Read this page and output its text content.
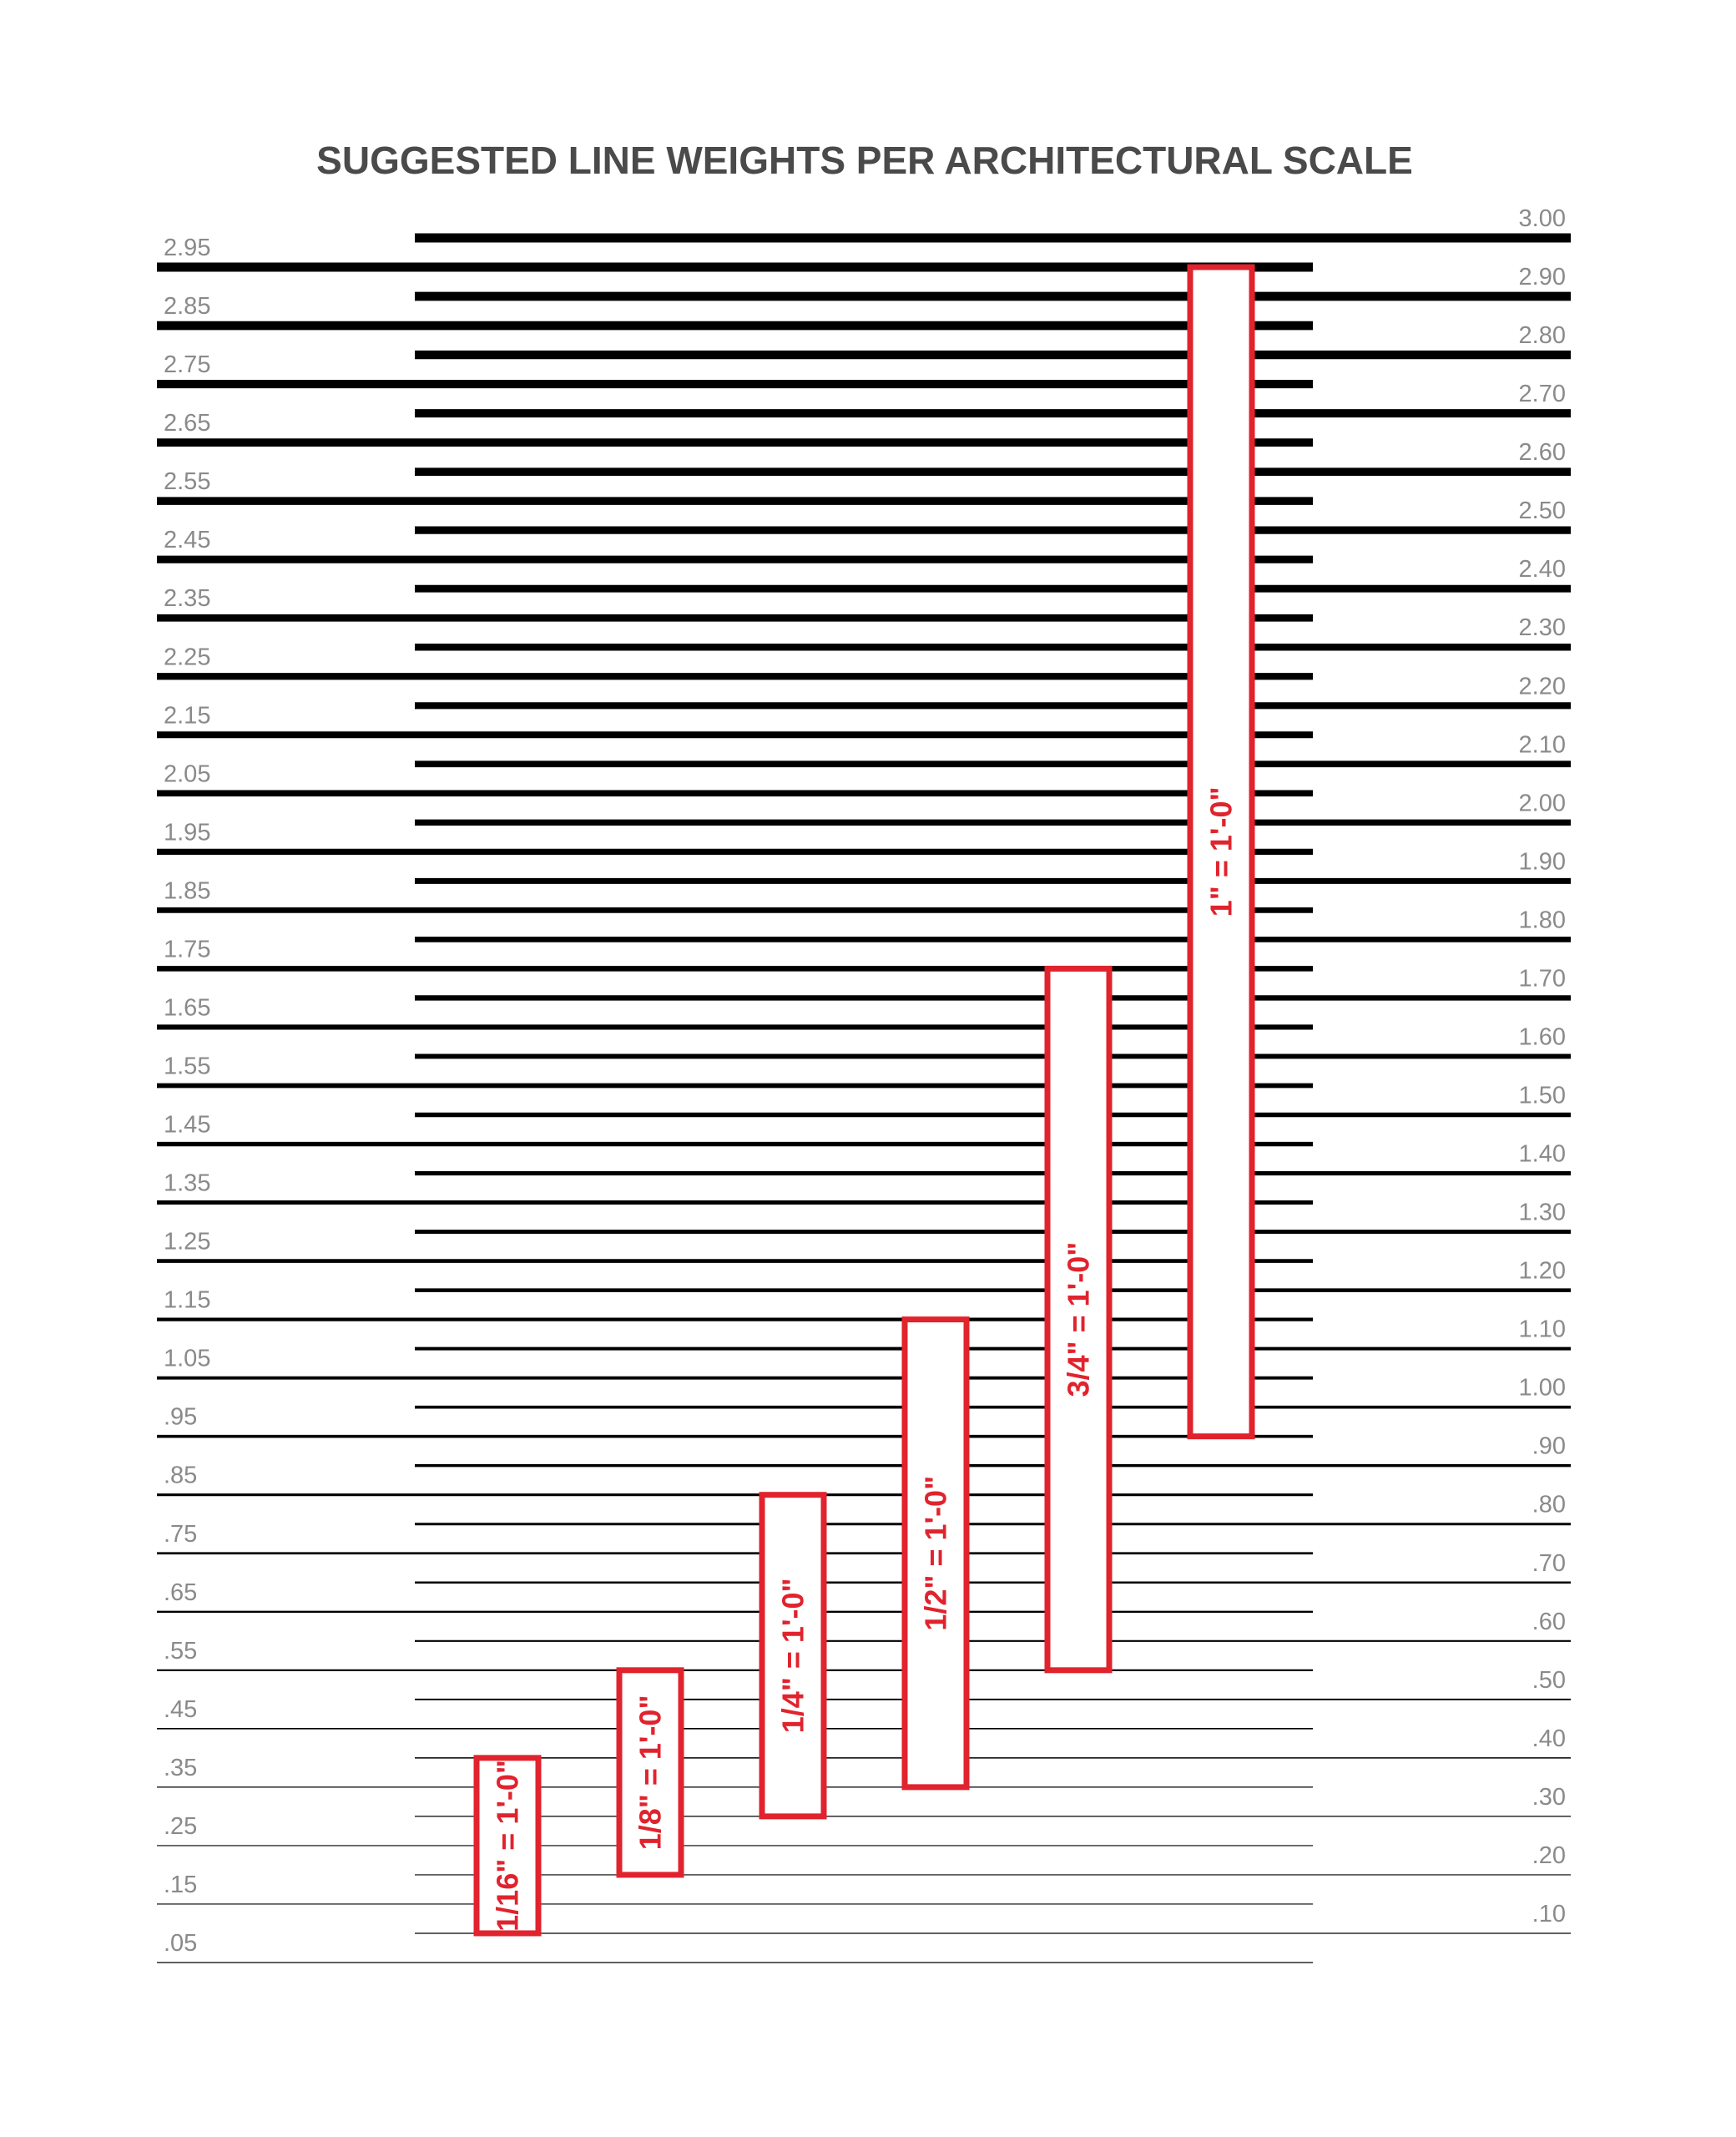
.05
.15
.25
.35
.45
.55
.65
.75
.85
.95
1.05
1.15
1.25
1.35
1.45
1.55
1.65
1.75
1.85
1.95
2.05
2.15
2.25
2.35
2.45
2.55
2.65
2.75
2.85
2.95
.10
.20
.30
.40
.50
.60
.70
.80
.90
1.00
1.10
1.20
1.30
1.40
1.50
1.60
1.70
1.80
1.90
2.00
2.10
2.20
2.30
2.40
2.50
2.60
2.70
2.80
2.90
3.00
1/16" = 1'-0"	1/8" = 1'-0"
1/4" = 1'-0"
1/2" = 1'-0"
3/4" = 1'-0"
1" = 1'-0"
SUGGESTED LINE WEIGHTS PER ARCHITECTURAL SCALE
